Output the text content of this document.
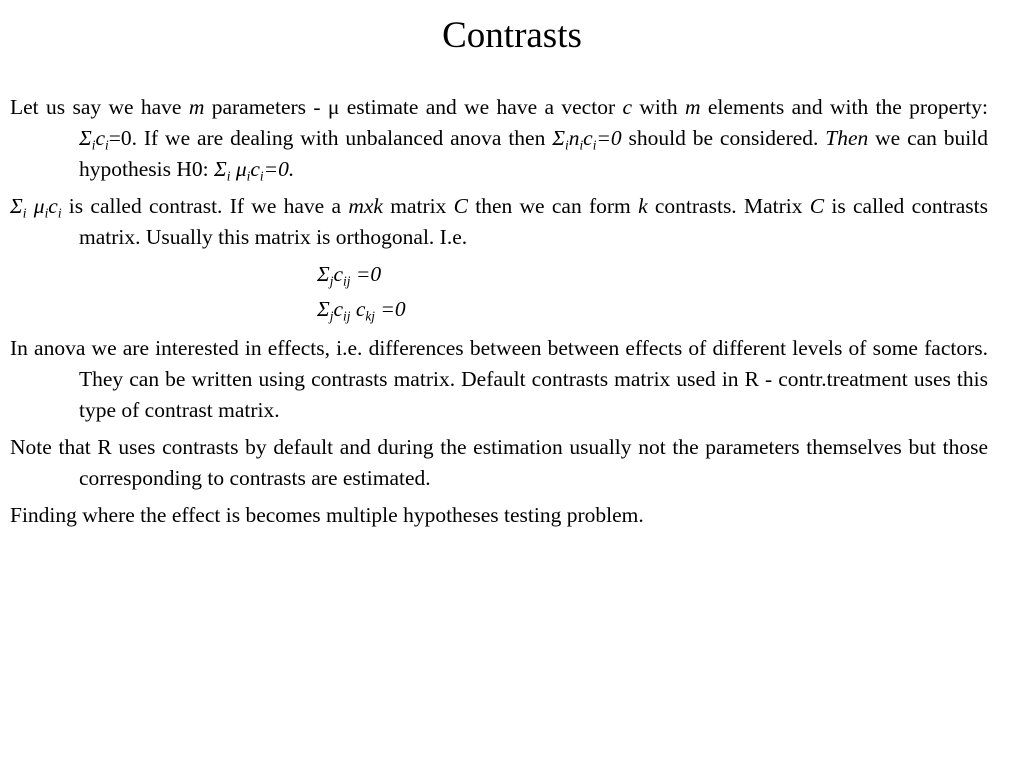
Contrasts

Let us say we have m parameters - μ estimate and we have a vector c with m elements and with the property: $\Sigma_ic_i=0$. If we are dealing with unbalanced anova then $\Sigma_in_ic_i=0$ should be considered. Then we can build hypothesis H0: $\Sigma_i$ $\mu_ic_i=0$.

$\Sigma_i$ $\mu_ic_i$ is called contrast. If we have a mxk matrix C then we can form k contrasts. Matrix C is called contrasts matrix. Usually this matrix is orthogonal. I.e.

$\Sigma_jc_{ij} =0$
$\Sigma_jc_{ij}$ $c_{kj} =0$

In anova we are interested in effects, i.e. differences between between effects of different levels of some factors. They can be written using contrasts matrix. Default contrasts matrix used in R - contr.treatment uses this type of contrast matrix.

Note that R uses contrasts by default and during the estimation usually not the parameters themselves but those corresponding to contrasts are estimated.

Finding where the effect is becomes multiple hypotheses testing problem.
